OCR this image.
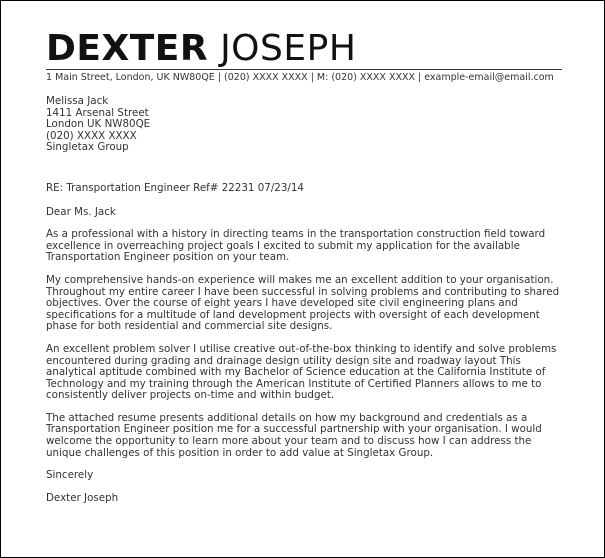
DEXTER JOSEPH
1 Main Street, London, UK NW80QE | (020) XXXX XXXX | M: (020) XXXX XXXX | example-email@email.com
Melissa Jack
1411 Arsenal Street
London UK NW80QE
(020) XXXX XXXX
Singletax Group

RE: Transportation Engineer Ref# 22231 07/23/14

Dear Ms. Jack

As a professional with a history in directing teams in the transportation construction field toward excellence in overreaching project goals I excited to submit my application for the available Transportation Engineer position on your team.

My comprehensive hands-on experience will makes me an excellent addition to your organisation. Throughout my entire career I have been successful in solving problems and contributing to shared objectives. Over the course of eight years I have developed site civil engineering plans and specifications for a multitude of land development projects with oversight of each development phase for both residential and commercial site designs.

An excellent problem solver I utilise creative out-of-the-box thinking to identify and solve problems encountered during grading and drainage design utility design site and roadway layout This analytical aptitude combined with my Bachelor of Science education at the California Institute of Technology and my training through the American Institute of Certified Planners allows to me to consistently deliver projects on-time and within budget.

The attached resume presents additional details on how my background and credentials as a Transportation Engineer position me for a successful partnership with your organisation. I would welcome the opportunity to learn more about your team and to discuss how I can address the unique challenges of this position in order to add value at Singletax Group.

Sincerely

Dexter Joseph
